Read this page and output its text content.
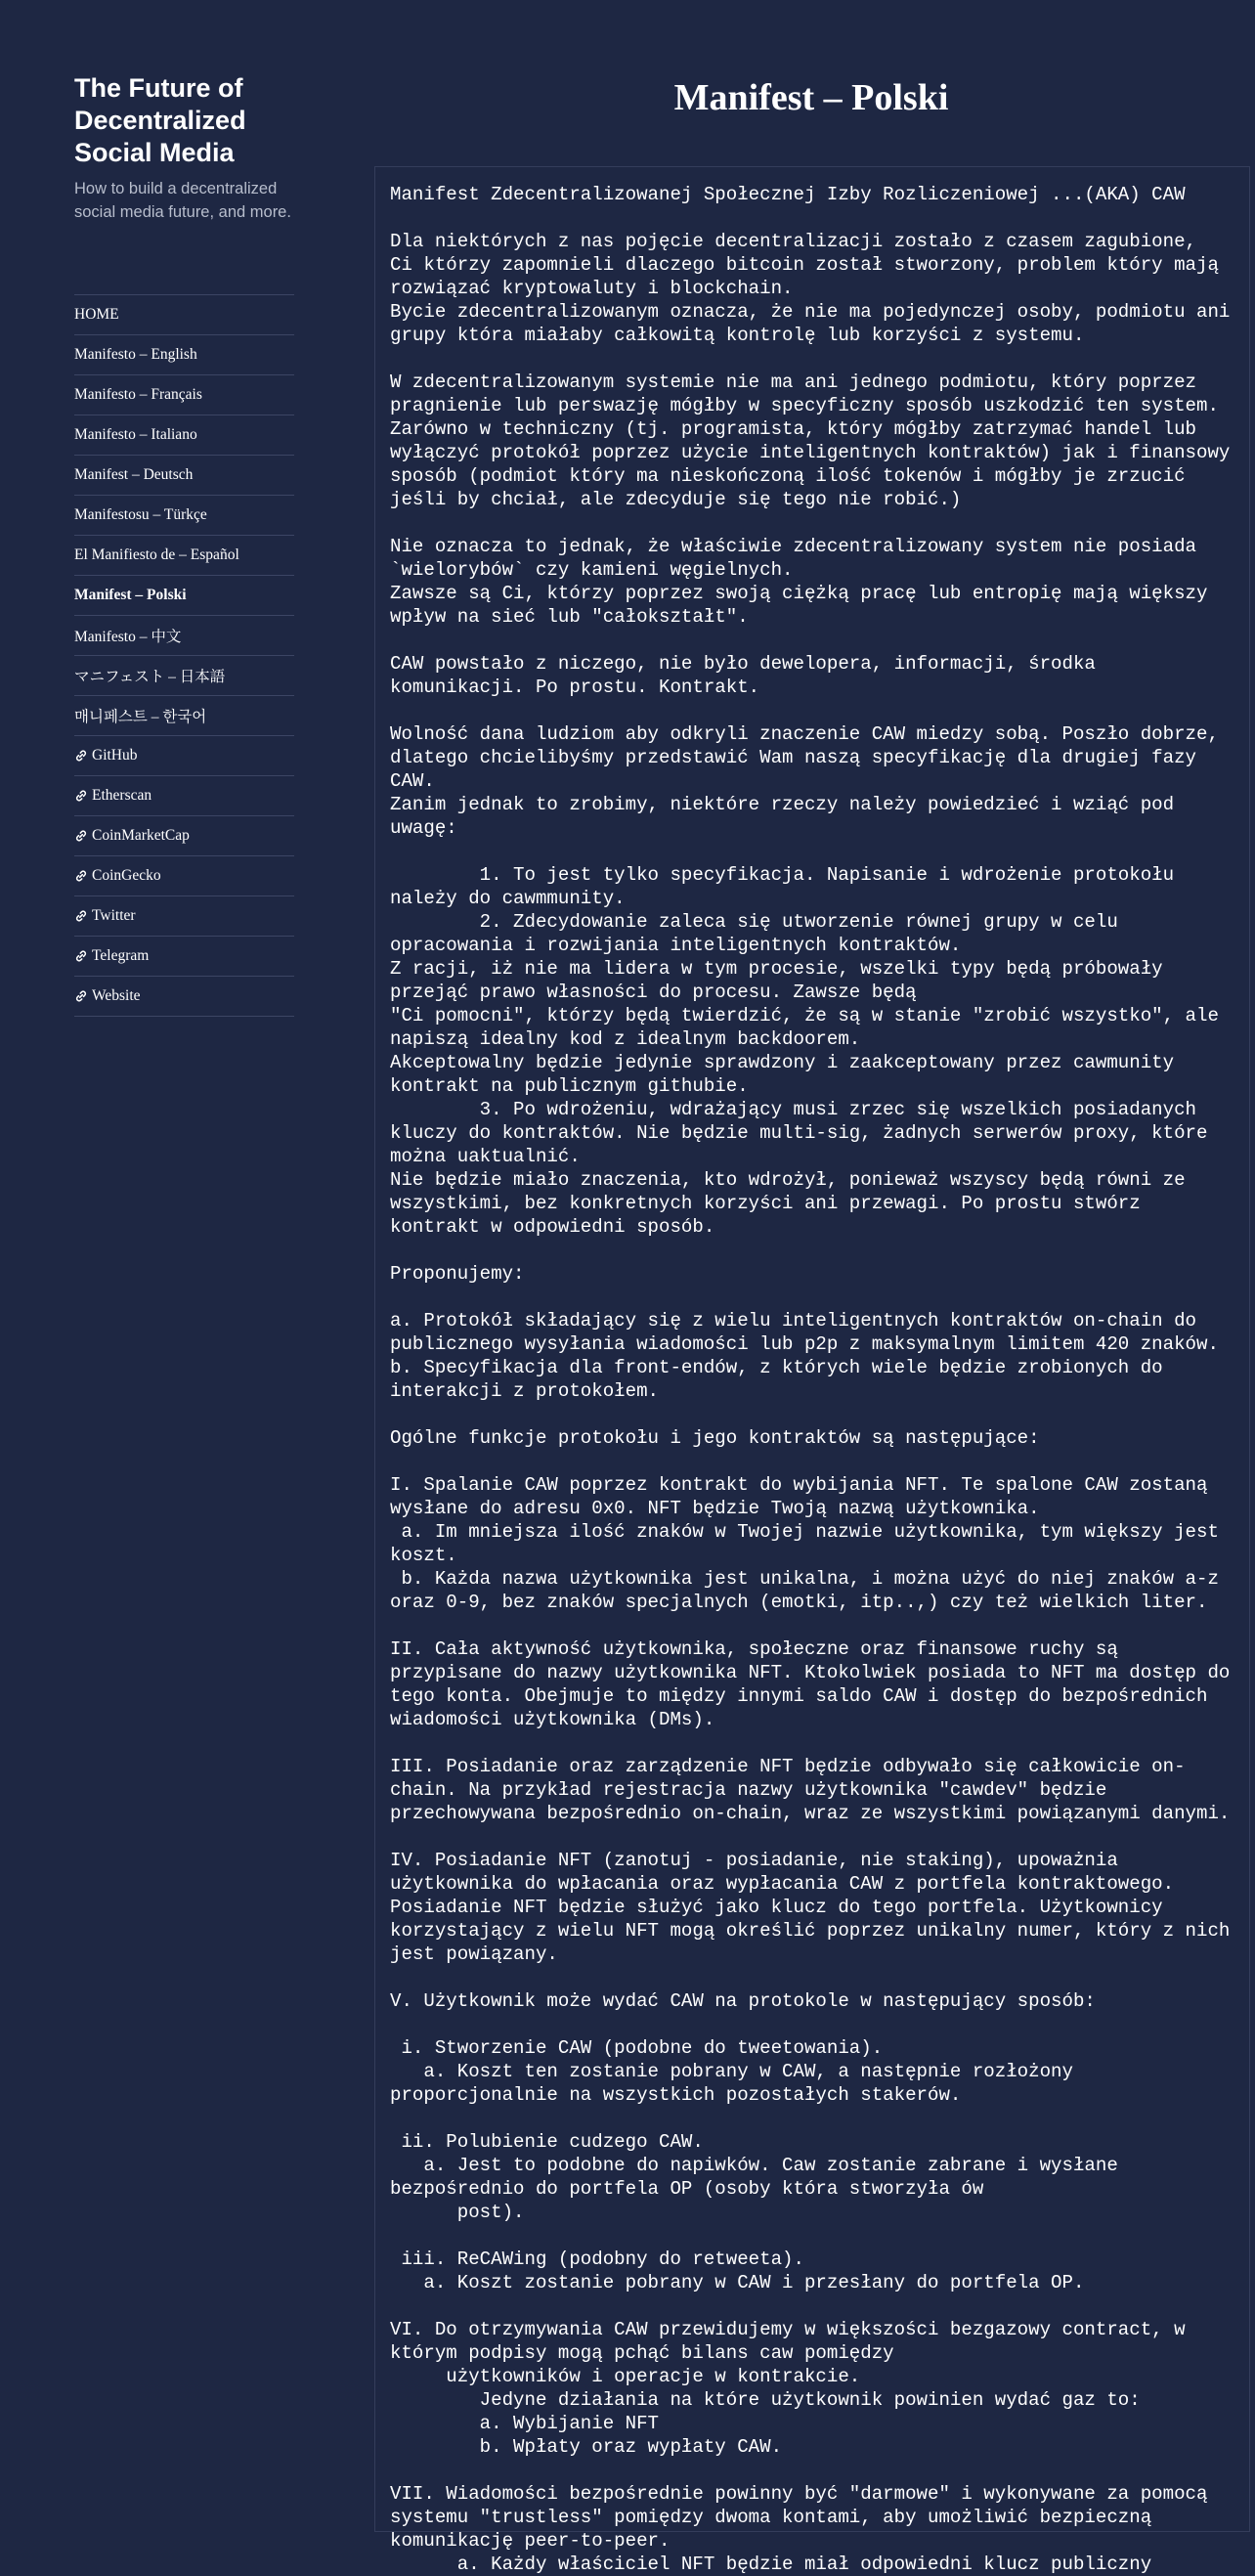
The Future of Decentralized Social Media
How to build a decentralized social media future, and more.
HOME
Manifesto – English
Manifesto – Français
Manifesto – Italiano
Manifest – Deutsch
Manifestosu – Türkçe
El Manifiesto de – Español
Manifest – Polski
Manifesto – 中文
マニフェスト – 日本語
매니페스트 – 한국어
GitHub
Etherscan
CoinMarketCap
CoinGecko
Twitter
Telegram
Website
Manifest – Polski
Manifest Zdecentralizowanej Społecznej Izby Rozliczeniowej ...(AKA) CAW

Dla niektórych z nas pojęcie decentralizacji zostało z czasem zagubione,
Ci którzy zapomnieli dlaczego bitcoin został stworzony, problem który mają rozwiązać kryptowaluty i blockchain.
Bycie zdecentralizowanym oznacza, że nie ma pojedynczej osoby, podmiotu ani grupy która miałaby całkowitą kontrolę lub korzyści z systemu.

W zdecentralizowanym systemie nie ma ani jednego podmiotu, który poprzez pragnienie lub perswazję mógłby w specyficzny sposób uszkodzić ten system.
Zarówno w techniczny (tj. programista, który mógłby zatrzymać handel lub wyłączyć protokół poprzez użycie inteligentnych kontraktów) jak i finansowy sposób (podmiot który ma nieskończoną ilość tokenów i mógłby je zrzucić jeśli by chciał, ale zdecyduje się tego nie robić.)

Nie oznacza to jednak, że właściwie zdecentralizowany system nie posiada `wielorybów` czy kamieni węgielnych.
Zawsze są Ci, którzy poprzez swoją ciężką pracę lub entropię mają większy wpływ na sieć lub "całokształt".

CAW powstało z niczego, nie było dewelopera, informacji, środka komunikacji. Po prostu. Kontrakt.

Wolność dana ludziom aby odkryli znaczenie CAW miedzy sobą. Poszło dobrze, dlatego chcielibyśmy przedstawić Wam naszą specyfikację dla drugiej fazy CAW.
Zanim jednak to zrobimy, niektóre rzeczy należy powiedzieć i wziąć pod uwagę:

1. To jest tylko specyfikacja. Napisanie i wdrożenie protokołu należy do cawmmunity.
2. Zdecydowanie zaleca się utworzenie równej grupy w celu opracowania i rozwijania inteligentnych kontraktów.
Z racji, iż nie ma lidera w tym procesie, wszelki typy będą próbowały przejąć prawo własności do procesu. Zawsze będą
"Ci pomocni", którzy będą twierdzić, że są w stanie "zrobić wszystko", ale napiszą idealny kod z idealnym backdoorem.
Akceptowalny będzie jedynie sprawdzony i zaakceptowany przez cawmunity kontrakt na publicznym githubie.
3. Po wdrożeniu, wdrażający musi zrzec się wszelkich posiadanych kluczy do kontraktów. Nie będzie multi-sig, żadnych serwerów proxy, które można uaktualnić.
Nie będzie miało znaczenia, kto wdrożył, ponieważ wszyscy będą równi ze wszystkimi, bez konkretnych korzyści ani przewagi. Po prostu stwórz kontrakt w odpowiedni sposób.

Proponujemy:

a. Protokół składający się z wielu inteligentnych kontraktów on-chain do publicznego wysyłania wiadomości lub p2p z maksymalnym limitem 420 znaków.
b. Specyfikacja dla front-endów, z których wiele będzie zrobionych do interakcji z protokołem.

Ogólne funkcje protokołu i jego kontraktów są następujące:

I. Spalanie CAW poprzez kontrakt do wybijania NFT. Te spalone CAW zostaną wysłane do adresu 0x0. NFT będzie Twoją nazwą użytkownika.
a. Im mniejsza ilość znaków w Twojej nazwie użytkownika, tym większy jest koszt.
b. Każda nazwa użytkownika jest unikalna, i można użyć do niej znaków a-z oraz 0-9, bez znaków specjalnych (emotki, itp..,) czy też wielkich liter.

II. Cała aktywność użytkownika, społeczne oraz finansowe ruchy są przypisane do nazwy użytkownika NFT. Ktokolwiek posiada to NFT ma dostęp do tego konta. Obejmuje to między innymi saldo CAW i dostęp do bezpośrednich wiadomości użytkownika (DMs).

III. Posiadanie oraz zarządzenie NFT będzie odbywało się całkowicie on-chain. Na przykład rejestracja nazwy użytkownika "cawdev" będzie przechowywana bezpośrednio on-chain, wraz ze wszystkimi powiązanymi danymi.

IV. Posiadanie NFT (zanotuj - posiadanie, nie staking), upoważnia użytkownika do wpłacania oraz wypłacania CAW z portfela kontraktowego.
Posiadanie NFT będzie służyć jako klucz do tego portfela. Użytkownicy korzystający z wielu NFT mogą określić poprzez unikalny numer, który z nich jest powiązany.

V. Użytkownik może wydać CAW na protokole w następujący sposób:

i. Stworzenie CAW (podobne do tweetowania).
a. Koszt ten zostanie pobrany w CAW, a następnie rozłożony proporcjonalnie na wszystkich pozostałych stakerów.

ii. Polubienie cudzego CAW.
a. Jest to podobne do napiwków. Caw zostanie zabrane i wysłane bezpośrednio do portfela OP (osoby która stworzyła ów
post).

iii. ReCAWing (podobny do retweeta).
a. Koszt zostanie pobrany w CAW i przesłany do portfela OP.

VI. Do otrzymywania CAW przewidujemy w większości bezgazowy contract, w którym podpisy mogą pchąć bilans caw pomiędzy
użytkowników i operacje w kontrakcie.
Jedyne działania na które użytkownik powinien wydać gaz to:
a. Wybijanie NFT
b. Wpłaty oraz wypłaty CAW.

VII. Wiadomości bezpośrednie powinny być "darmowe" i wykonywane za pomocą systemu "trustless" pomiędzy dwoma kontami, aby umożliwić bezpieczną komunikację peer-to-peer.
a. Każdy właściciel NFT będzie miał odpowiedni klucz publiczny
